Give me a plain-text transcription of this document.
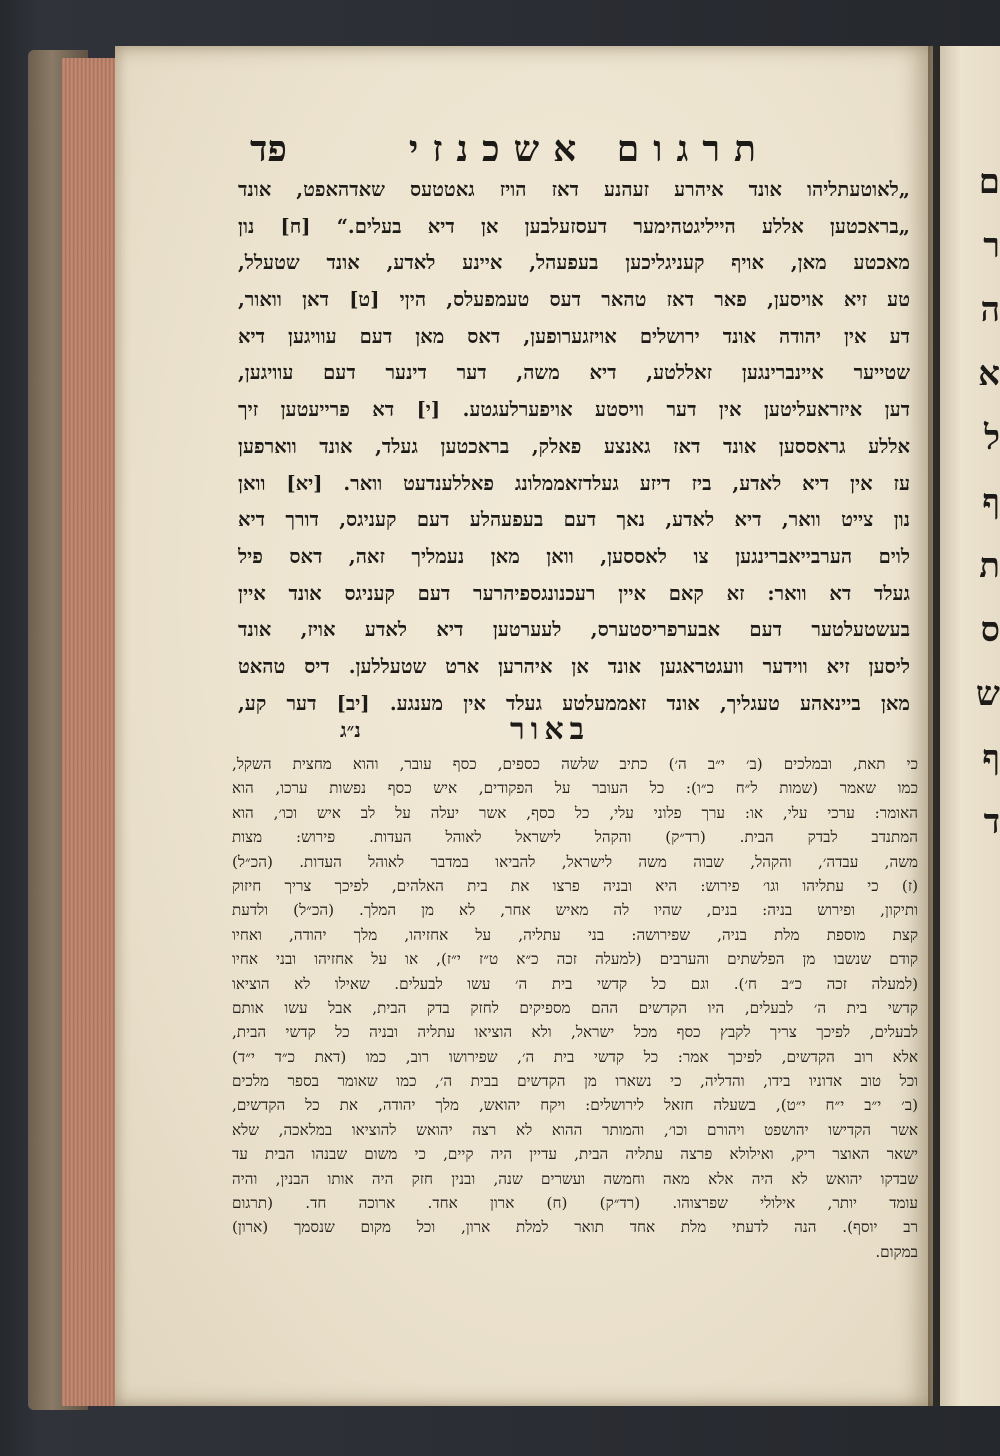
תרגום אשכנזי
פד
„לאוטעתליהו אונד איהרע זעהנע דאז הויז גאטטעס שאדהאפט, אונד
„בראכטען אללע הייליגטהימער דעסזעלבען אן דיא בעלים.“ [ח] נון
מאכטע מאן, אויף קעניגליכען בעפעהל, איינע לאדע, אונד שטעלל,
טע זיא אויסען, פאר דאז טהאר דעס טעמפעלס, היןי [ט] דאן וואור,
דע אין יהודה אונד ירושלים אויזגערופען, דאס מאן דעם עוויגען דיא
שטייער איינברינגען זאללטע, דיא משה, דער דינער דעם עוויגען,
דען איזראעליטען אין דער וויסטע אויפערלעגטע. [י] דא פרייעטען זיך
אללע גראססען אונד דאז גאנצע פאלק, בראכטען געלד, אונד ווארפען
עז אין דיא לאדע, ביז דיזע געלדזאממלונג פאללענדעט וואר. [יא] וואן
נון צייט וואר, דיא לאדע, נאך דעם בעפעהלע דעם קעניגס, דורך דיא
לוים הערבייאברינגען צו לאססען, וואן מאן נעמליך זאה, דאס פיל
געלד דא וואר: זא קאם איין רעכנונגספיהרער דעם קעניגס אונד איין
בעשטעלטער דעם אבערפריסטערס, לעערטען דיא לאדע אויז, אונד
ליסען זיא ווידער וועגטראגען אונד אן איהרען ארט שטעללען. דיס טהאט
מאן ביינאהע טעגליך, אונד זאממעלטע געלד אין מענגע. [יב] דער קע,
באור
נ״ג
כי תאת, ובמלכים (ב׳ י״ב ה׳) כתיב שלשה כספים, כסף עובר, והוא מחצית השקל,
כמו שאמר (שמות ל״ח כ״ו): כל העובר על הפקודים, איש כסף נפשות ערכו, הוא
האומר: ערכי עלי, או: ערך פלוני עלי, כל כסף, אשר יעלה על לב איש וכו׳, הוא
המתנדב לבדק הבית. (רד״ק) והקהל לישראל לאוהל העדות. פירוש: מצות
משה, עבדה׳, והקהל, שבוה משה לישראל, להביאו במדבר לאוהל העדות. (הכ״ל)
(ז) כי עתליהו וגו׳ פירוש: היא ובניה פרצו את בית האלהים, לפיכך צריך חיזוק
ותיקון, ופירוש בניה: בנים, שהיו לה מאיש אחר, לא מן המלך. (הכ״ל) ולדעת
קצת מוספת מלת בניה, שפירושה: בני עתליה, על אחזיהו, מלך יהודה, ואחיו
קודם שנשבו מן הפלשתים והערבים (למעלה זכה כ״א ט״ז י״ז), או על אחזיהו ובני אחיו
(למעלה זכה כ״ב ח׳). וגם כל קדשי בית ה׳ עשו לבעלים. שאילו לא הוציאו
קדשי בית ה׳ לבעלים, היו הקדשים ההם מספיקים לחזק בדק הבית, אבל עשו אותם
לבעלים, לפיכך צריך לקבץ כסף מכל ישראל, ולא הוציאו עתליה ובניה כל קדשי הבית,
אלא רוב הקדשים, לפיכך אמר: כל קדשי בית ה׳, שפירושו רוב, כמו (דאת כ״ד י״ד)
וכל טוב אדוניו בידו, והדליה, כי נשארו מן הקדשים בבית ה׳, כמו שאומר בספר מלכים
(ב׳ י״ב י״ח י״ט), בשעלה חזאל לירושלים: ויקח יהואש, מלך יהודה, את כל הקדשים,
אשר הקדישו יהושפט ויהורם וכו׳, והמותר ההוא לא רצה יהואש להוציאו במלאכה, שלא
ישאר האוצר ריק, ואילולא פרצה עתליה הבית, עדיין היה קיים, כי משום שבנהו הבית עד
שבדקו יהואש לא היה אלא מאה וחמשה ועשרים שנה, ובנין חזק היה אותו הבנין, והיה
עומד יותר, אילולי שפרצוהו. (רד״ק) (ח) ארון אחד. ארוכה חד. (תרגום
רב יוסף). הנה לדעתי מלת אחד תואר למלת ארון, וכל מקום שנסמך (ארון)
במקום.
ם
ר
ה
א
ל
ף
ת
ס
ש
ף
ד
